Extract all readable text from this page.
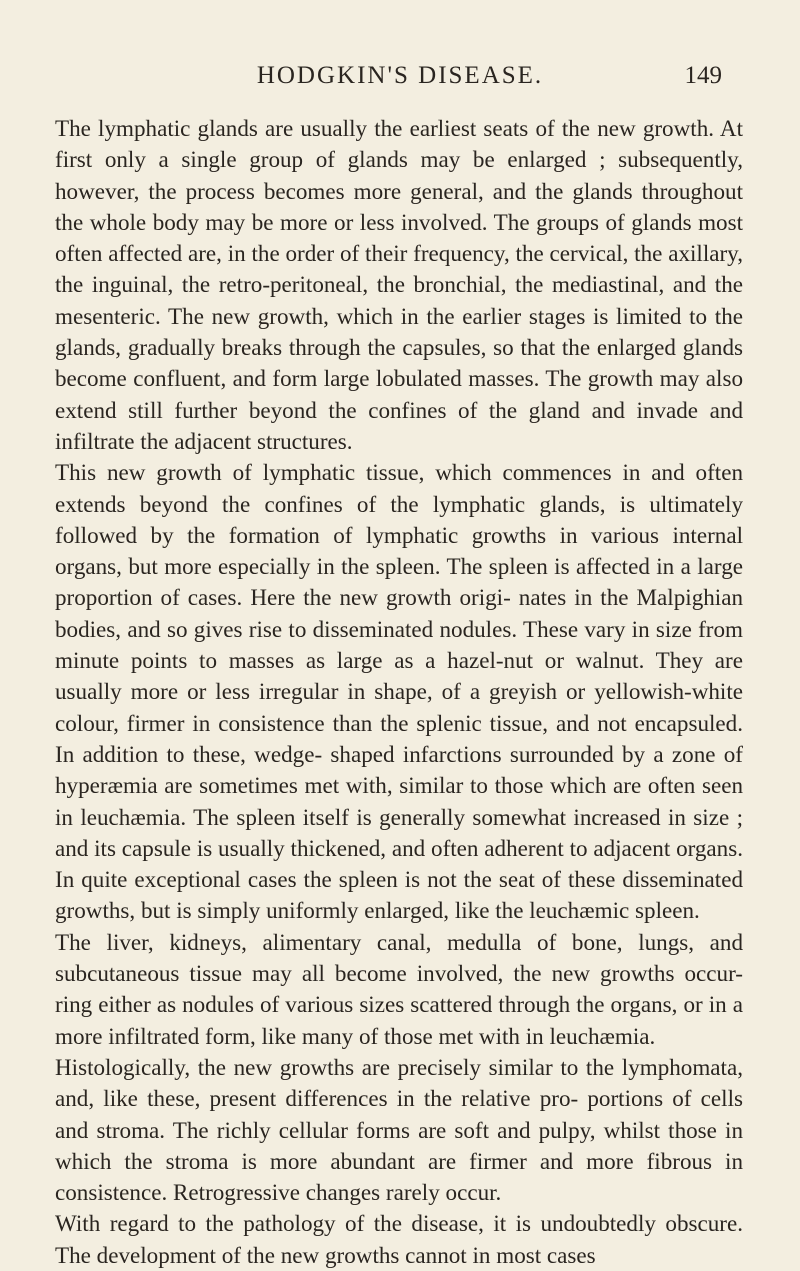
HODGKIN'S DISEASE.	149

The lymphatic glands are usually the earliest seats of the new growth. At first only a single group of glands may be enlarged ; subsequently, however, the process becomes more general, and the glands throughout the whole body may be more or less involved. The groups of glands most often affected are, in the order of their frequency, the cervical, the axillary, the inguinal, the retro-peritoneal, the bronchial, the mediastinal, and the mesenteric. The new growth, which in the earlier stages is limited to the glands, gradually breaks through the capsules, so that the enlarged glands become confluent, and form large lobulated masses. The growth may also extend still further beyond the confines of the gland and invade and infiltrate the adjacent structures.

This new growth of lymphatic tissue, which commences in and often extends beyond the confines of the lymphatic glands, is ultimately followed by the formation of lymphatic growths in various internal organs, but more especially in the spleen. The spleen is affected in a large proportion of cases. Here the new growth origi- nates in the Malpighian bodies, and so gives rise to disseminated nodules. These vary in size from minute points to masses as large as a hazel-nut or walnut. They are usually more or less irregular in shape, of a greyish or yellowish-white colour, firmer in consistence than the splenic tissue, and not encapsuled. In addition to these, wedge- shaped infarctions surrounded by a zone of hyperæmia are sometimes met with, similar to those which are often seen in leuchæmia. The spleen itself is generally somewhat increased in size ; and its capsule is usually thickened, and often adherent to adjacent organs. In quite exceptional cases the spleen is not the seat of these disseminated growths, but is simply uniformly enlarged, like the leuchæmic spleen.

The liver, kidneys, alimentary canal, medulla of bone, lungs, and subcutaneous tissue may all become involved, the new growths occur- ring either as nodules of various sizes scattered through the organs, or in a more infiltrated form, like many of those met with in leuchæmia.

Histologically, the new growths are precisely similar to the lymphomata, and, like these, present differences in the relative pro- portions of cells and stroma. The richly cellular forms are soft and pulpy, whilst those in which the stroma is more abundant are firmer and more fibrous in consistence. Retrogressive changes rarely occur.

With regard to the pathology of the disease, it is undoubtedly obscure. The development of the new growths cannot in most cases
